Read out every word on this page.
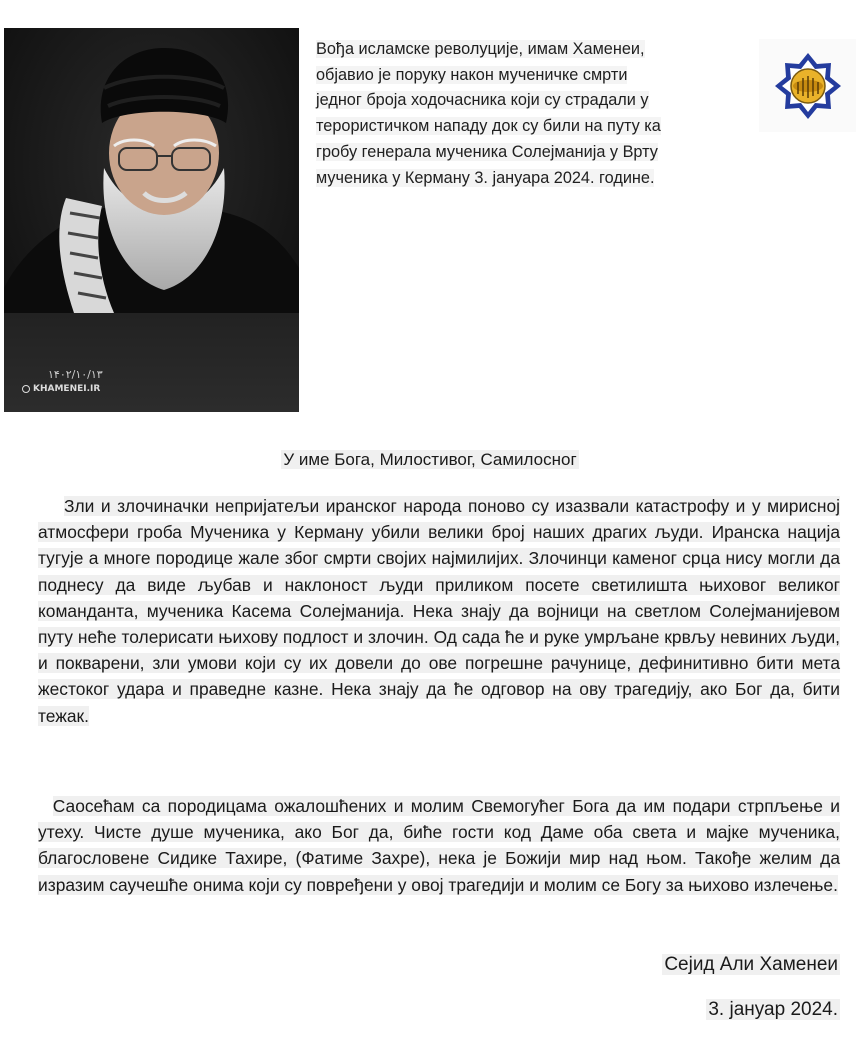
۱۴۰۲/۱۰/۱۳
KHAMENEI.IR
Вођа исламске револуције, имам Хаменеи, објавио је поруку након мученичке смрти једног броја ходочасника који су страдали у терористичком нападу док су били на путу ка гробу генерала мученика Солејманија у Врту мученика у Керману 3. јануара 2024. године.
У име Бога, Милостивог, Самилосног
Зли и злочиначки непријатељи иранског народа поново су изазвали катастрофу и у мирисној атмосфери гроба Мученика у Керману убили велики број наших драгих људи. Иранска нација тугује а многе породице жале због смрти својих најмилијих. Злочинци каменог срца нису могли да поднесу да виде љубав и наклоност људи приликом посете светилишта њиховог великог команданта, мученика Касема Солејманија. Нека знају да војници на светлом Солејманијевом путу неће толерисати њихову подлост и злочин. Од сада ће и руке умрљане крвљу невиних људи, и покварени, зли умови који су их довели до ове погрешне рачунице, дефинитивно бити мета жестоког удара и праведне казне. Нека знају да ће одговор на ову трагедију, ако Бог да, бити тежак.
Саосећам са породицама ожалошћених и молим Свемогућег Бога да им подари стрпљење и утеху. Чисте душе мученика, ако Бог да, биће гости код Даме оба света и мајке мученика, благословене Сидике Тахире, (Фатиме Захре), нека је Божији мир над њом. Такође желим да изразим саучешће онима који су повређени у овој трагедији и молим се Богу за њихово излечење.
Сејид Али Хаменеи
3. јануар 2024.
